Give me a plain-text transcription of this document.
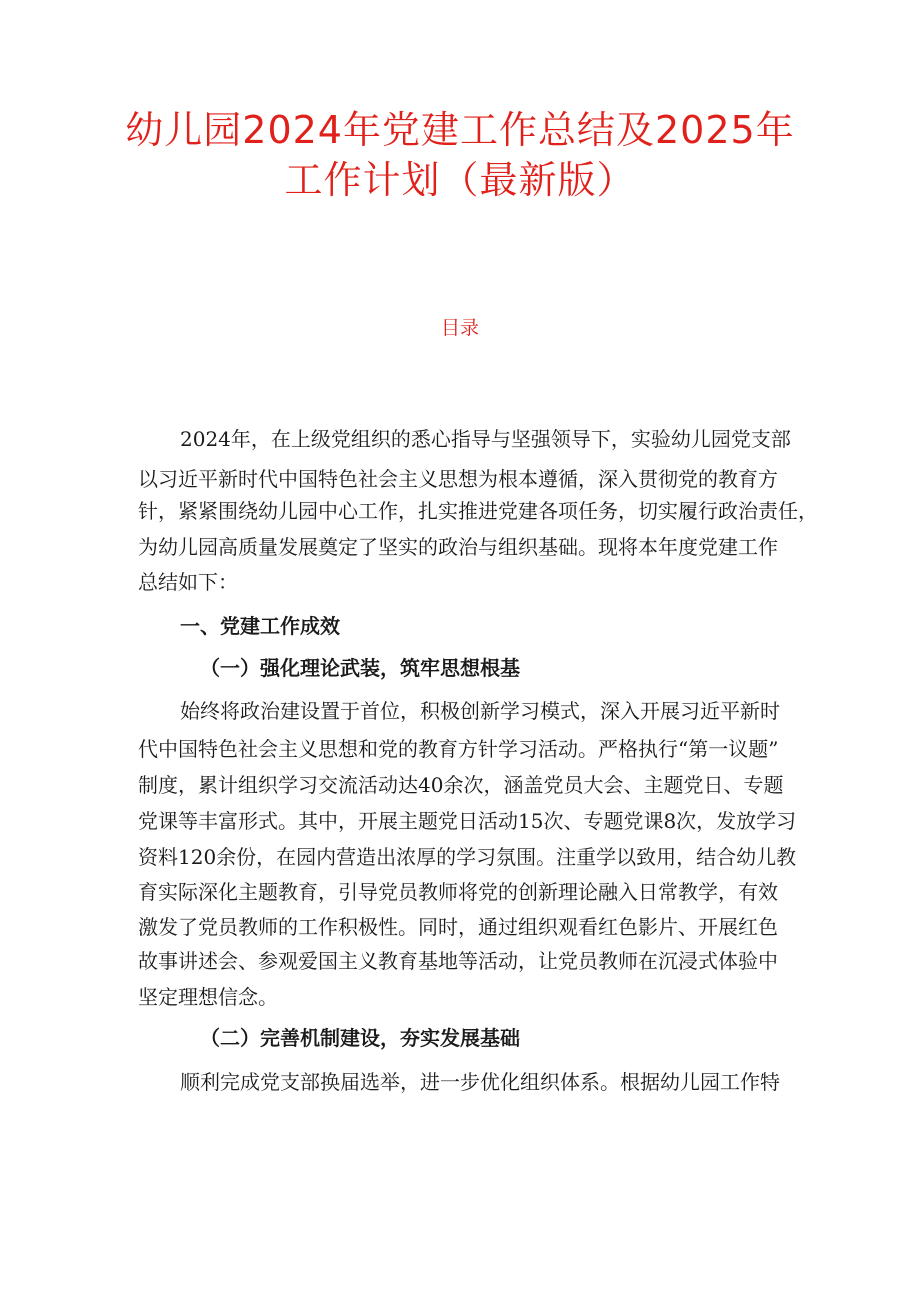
幼儿园2024年党建工作总结及2025年
工作计划（最新版）
目录
2024年，在上级党组织的悉心指导与坚强领导下，实验幼儿园党支部
以习近平新时代中国特色社会主义思想为根本遵循，深入贯彻党的教育方
针，紧紧围绕幼儿园中心工作，扎实推进党建各项任务，切实履行政治责任，
为幼儿园高质量发展奠定了坚实的政治与组织基础。现将本年度党建工作
总结如下：
一、党建工作成效
（一）强化理论武装，筑牢思想根基
始终将政治建设置于首位，积极创新学习模式，深入开展习近平新时
代中国特色社会主义思想和党的教育方针学习活动。严格执行“第一议题”
制度，累计组织学习交流活动达40余次，涵盖党员大会、主题党日、专题
党课等丰富形式。其中，开展主题党日活动15次、专题党课8次，发放学习
资料120余份，在园内营造出浓厚的学习氛围。注重学以致用，结合幼儿教
育实际深化主题教育，引导党员教师将党的创新理论融入日常教学，有效
激发了党员教师的工作积极性。同时，通过组织观看红色影片、开展红色
故事讲述会、参观爱国主义教育基地等活动，让党员教师在沉浸式体验中
坚定理想信念。
（二）完善机制建设，夯实发展基础
顺利完成党支部换届选举，进一步优化组织体系。根据幼儿园工作特
